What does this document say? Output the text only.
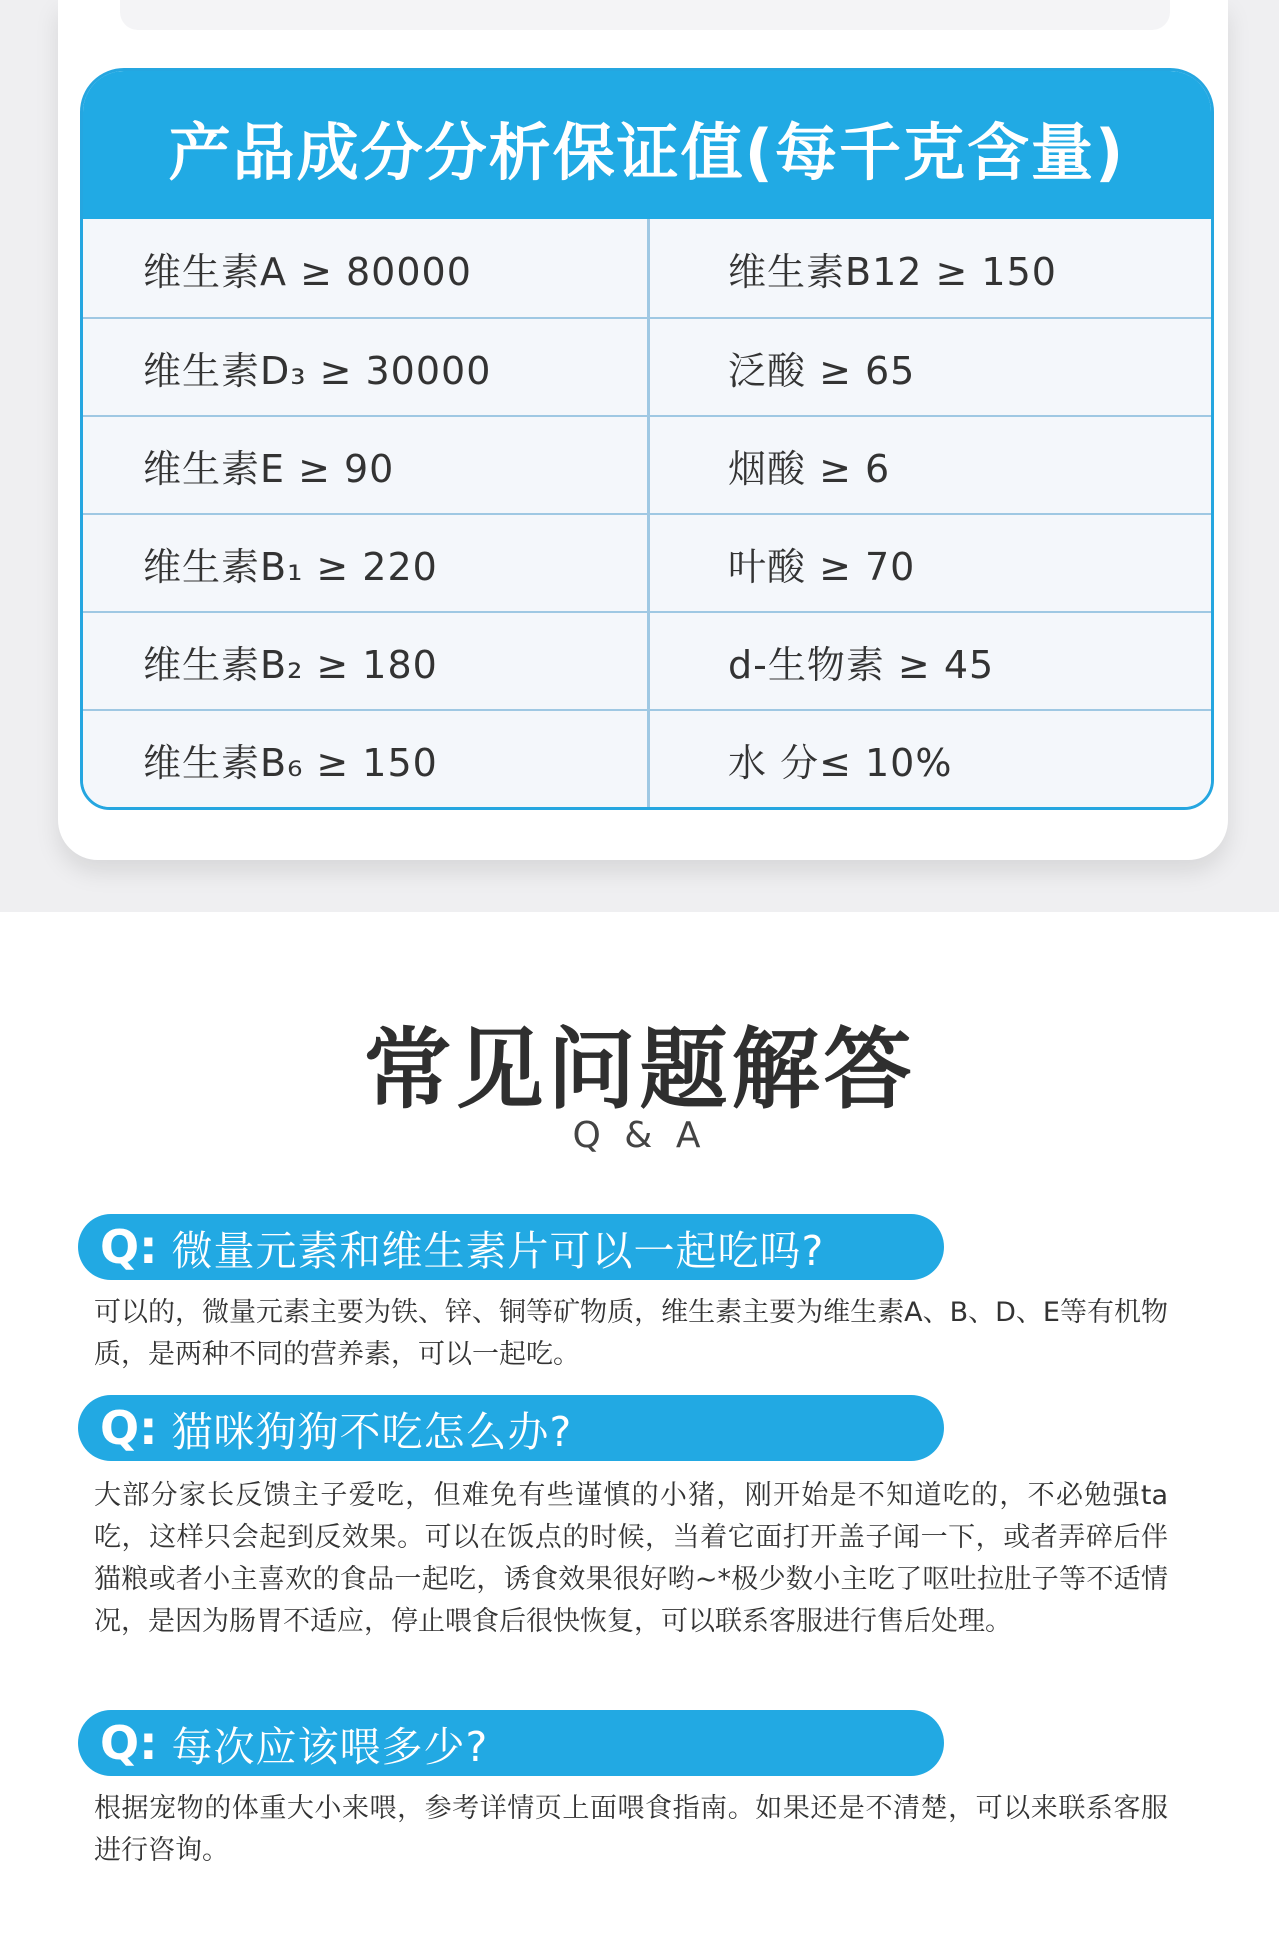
产品成分分析保证值(每千克含量)
维生素A ≥ 80000	维生素B12 ≥ 150
维生素D₃ ≥ 30000	泛酸 ≥ 65
维生素E ≥ 90	烟酸 ≥ 6
维生素B₁ ≥ 220	叶酸 ≥ 70
维生素B₂ ≥ 180	d-生物素 ≥ 45
维生素B₆ ≥ 150	水 分≤ 10%
常见问题解答
Q & A
Q: 微量元素和维生素片可以一起吃吗?
可以的，微量元素主要为铁、锌、铜等矿物质，维生素主要为维生素A、B、D、E等有机物质，是两种不同的营养素，可以一起吃。
Q: 猫咪狗狗不吃怎么办?
大部分家长反馈主子爱吃，但难免有些谨慎的小猪，刚开始是不知道吃的，不必勉强ta吃，这样只会起到反效果。可以在饭点的时候，当着它面打开盖子闻一下，或者弄碎后伴猫粮或者小主喜欢的食品一起吃，诱食效果很好哟~*极少数小主吃了呕吐拉肚子等不适情况，是因为肠胃不适应，停止喂食后很快恢复，可以联系客服进行售后处理。
Q: 每次应该喂多少?
根据宠物的体重大小来喂，参考详情页上面喂食指南。如果还是不清楚，可以来联系客服进行咨询。
